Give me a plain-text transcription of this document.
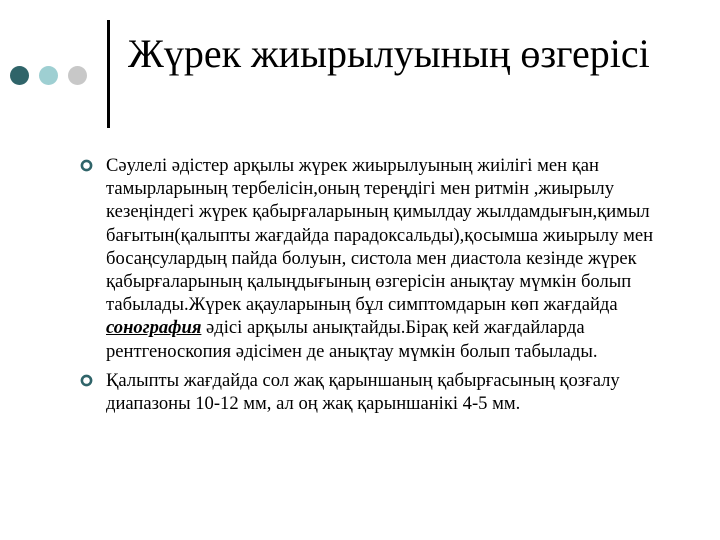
Жүрек жиырылуының өзгерісі
Сәулелі әдістер арқылы жүрек жиырылуының жиілігі мен қан тамырларының тербелісін,оның тереңдігі мен ритмін ,жиырылу кезеңіндегі жүрек қабырғаларының қимылдау жылдамдығын,қимыл бағытын(қалыпты жағдайда парадоксальды),қосымша жиырылу мен босаңсулардың пайда болуын, систола мен диастола кезінде жүрек қабырғаларының қалыңдығының өзгерісін анықтау мүмкін болып табылады.Жүрек ақауларының бұл симптомдарын көп жағдайда сонография әдісі арқылы анықтайды.Бірақ кей жағдайларда рентгеноскопия әдісімен де анықтау мүмкін болып табылады.
Қалыпты жағдайда сол жақ қарыншаның қабырғасының қозғалу диапазоны 10-12 мм, ал оң жақ қарыншанікі 4-5 мм.
